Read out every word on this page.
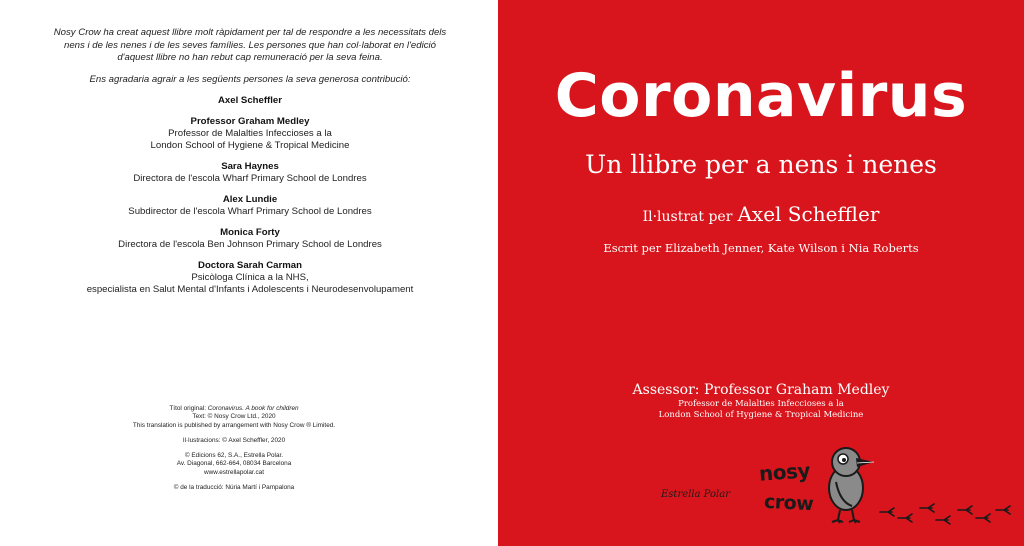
Nosy Crow ha creat aquest llibre molt ràpidament per tal de respondre a les necessitats dels nens i de les nenes i de les seves famílies. Les persones que han col·laborat en l'edició d'aquest llibre no han rebut cap remuneració per la seva feina.

Ens agradaria agrair a les següents persones la seva generosa contribució:

Axel Scheffler
Professor Graham Medley
Professor de Malalties Infeccioses a la
London School of Hygiene & Tropical Medicine
Sara Haynes
Directora de l'escola Wharf Primary School de Londres
Alex Lundie
Subdirector de l'escola Wharf Primary School de Londres
Monica Forty
Directora de l'escola Ben Johnson Primary School de Londres
Doctora Sarah Carman
Psicòloga Clínica a la NHS,
especialista en Salut Mental d'Infants i Adolescents i Neurodesenvolupament
Títol original: Coronavirus. A book for children
Text: © Nosy Crow Ltd., 2020
This translation is published by arrangement with Nosy Crow ® Limited.
Il·lustracions: © Axel Scheffler, 2020
© Edicions 62, S.A., Estrella Polar.
Av. Diagonal, 662-664, 08034 Barcelona
www.estrellapolar.cat
© de la traducció: Núria Martí i Pampalona
Coronavirus
Un llibre per a nens i nenes
Il·lustrat per Axel Scheffler
Escrit per Elizabeth Jenner, Kate Wilson i Nia Roberts
Assessor: Professor Graham Medley
Professor de Malalties Infeccioses a la
London School of Hygiene & Tropical Medicine
Estrella Polar
nosy
crow
